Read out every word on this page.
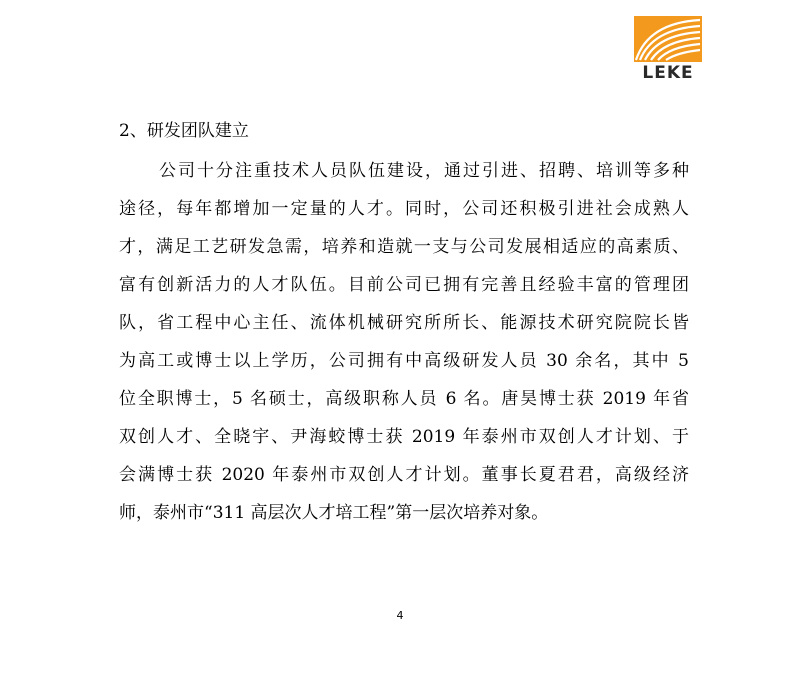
LEKE
2、研发团队建立
公司十分注重技术人员队伍建设，通过引进、招聘、培训等多种
途径，每年都增加一定量的人才。同时，公司还积极引进社会成熟人
才，满足工艺研发急需，培养和造就一支与公司发展相适应的高素质、
富有创新活力的人才队伍。目前公司已拥有完善且经验丰富的管理团
队，省工程中心主任、流体机械研究所所长、能源技术研究院院长皆
为高工或博士以上学历，公司拥有中高级研发人员 30 余名，其中 5
位全职博士，5 名硕士，高级职称人员 6 名。唐昊博士获 2019 年省
双创人才、全晓宇、尹海蛟博士获 2019 年泰州市双创人才计划、于
会满博士获 2020 年泰州市双创人才计划。董事长夏君君，高级经济
师，泰州市“311 高层次人才培工程”第一层次培养对象。
4
